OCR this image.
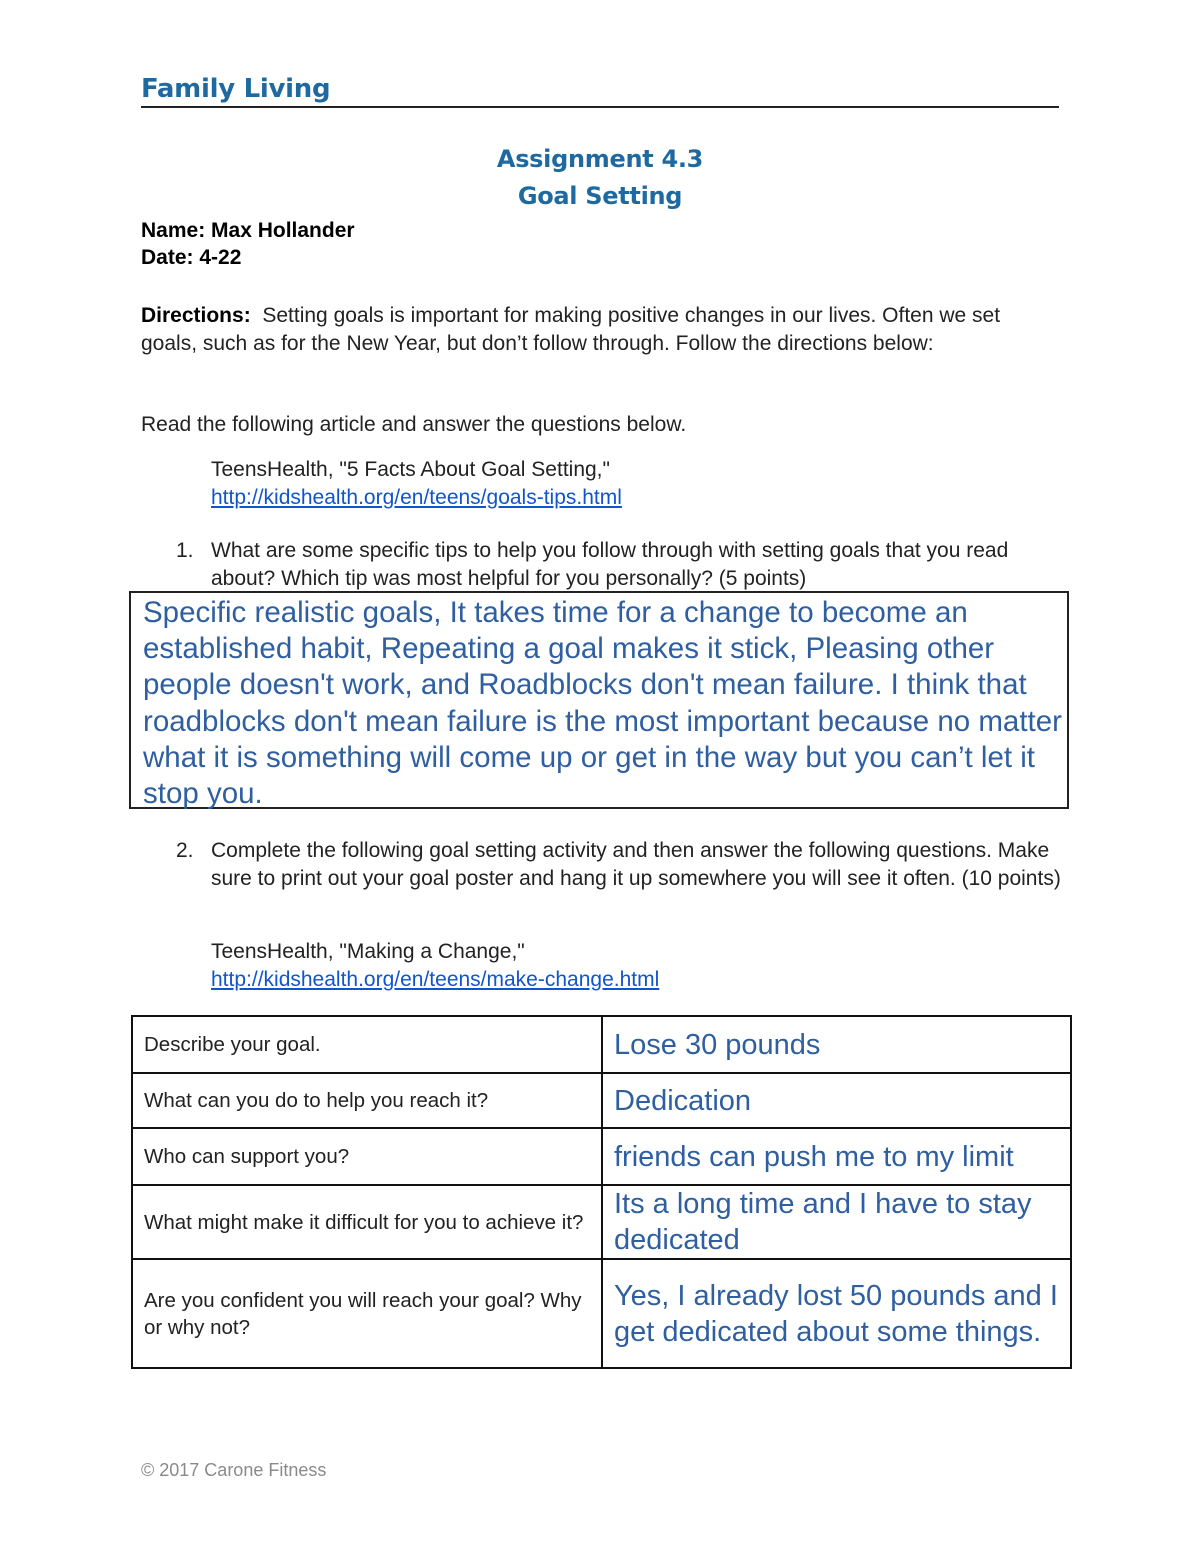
Family Living
Assignment 4.3
Goal Setting
Name: Max Hollander
Date: 4-22
Directions: Setting goals is important for making positive changes in our lives. Often we set goals, such as for the New Year, but don’t follow through. Follow the directions below:
Read the following article and answer the questions below.
TeensHealth, "5 Facts About Goal Setting,"
http://kidshealth.org/en/teens/goals-tips.html
1. What are some specific tips to help you follow through with setting goals that you read about? Which tip was most helpful for you personally? (5 points)
Specific realistic goals, It takes time for a change to become an established habit, Repeating a goal makes it stick, Pleasing other people doesn't work, and Roadblocks don't mean failure. I think that roadblocks don't mean failure is the most important because no matter what it is something will come up or get in the way but you can’t let it stop you.
2. Complete the following goal setting activity and then answer the following questions. Make sure to print out your goal poster and hang it up somewhere you will see it often. (10 points)
TeensHealth, "Making a Change,"
http://kidshealth.org/en/teens/make-change.html
Describe your goal.	Lose 30 pounds
What can you do to help you reach it?	Dedication
Who can support you?	friends can push me to my limit
What might make it difficult for you to achieve it?	Its a long time and I have to stay dedicated
Are you confident you will reach your goal? Why or why not?	Yes, I already lost 50 pounds and I get dedicated about some things.
© 2017 Carone Fitness
